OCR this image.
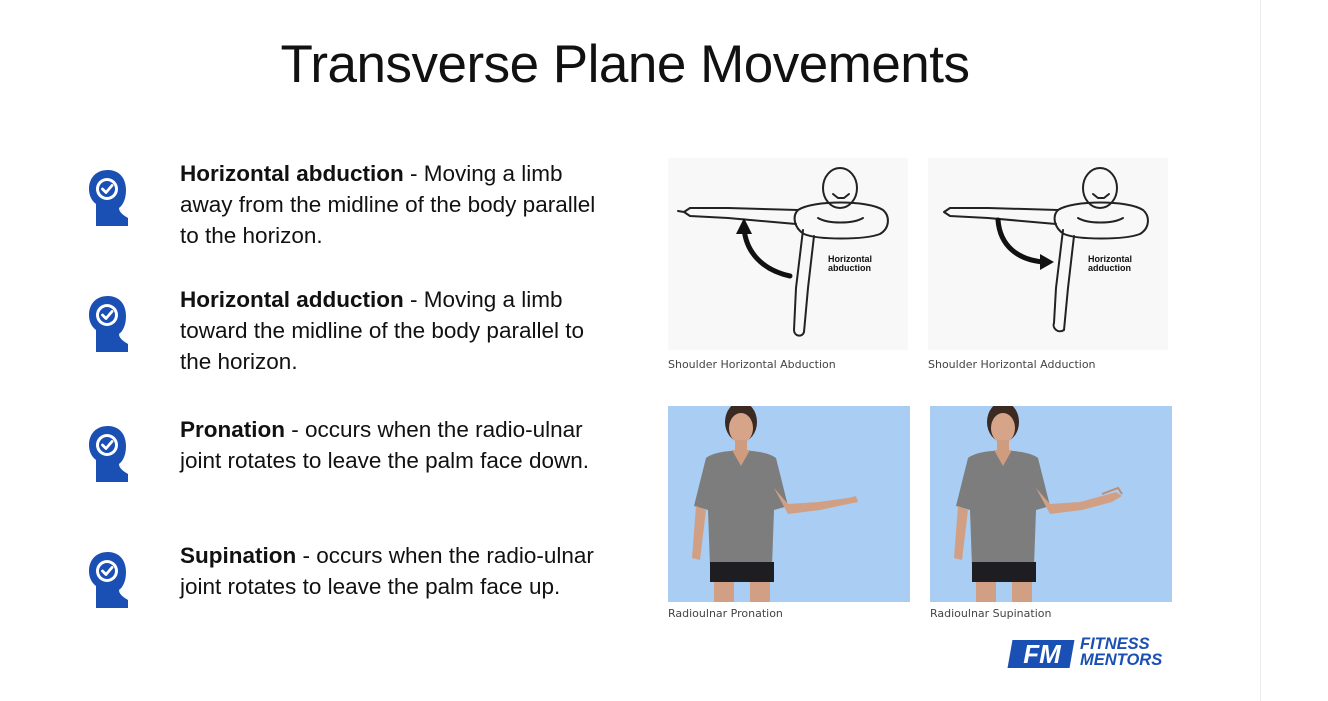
Transverse Plane Movements
Horizontal abduction - Moving a limb away from the midline of the body parallel to the horizon.
Horizontal adduction - Moving a limb toward the midline of the body parallel to the horizon.
Pronation - occurs when the radio-ulnar joint rotates to leave the palm face down.
Supination - occurs when the radio-ulnar joint rotates to leave the palm face up.
Horizontal
abduction
Shoulder Horizontal Abduction
Horizontal
adduction
Shoulder Horizontal Adduction
Radioulnar Pronation	Radioulnar Supination
FM	FITNESS
MENTORS
